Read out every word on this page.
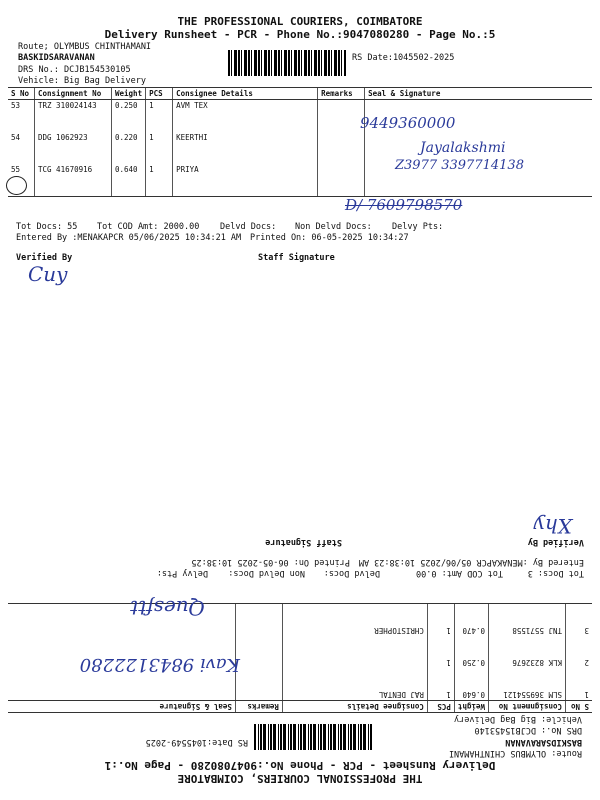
THE PROFESSIONAL COURIERS, COIMBATORE
Delivery Runsheet - PCR - Phone No.:9047080280 - Page No.:5
Route; OLYMBUS CHINTHAMANI
BASKIDSARAVANAN
DRS No.: DCJB154530105
Vehicle: Big Bag Delivery
RS Date:1045502-2025
S No	Consignment No	Weight	PCS	Consignee Details	Remarks	Seal & Signature
53	TRZ 310024143	0.250	1	AVM TEX		
54	DDG 1062923	0.220	1	KEERTHI		
55	TCG 41670916	0.640	1	PRIYA		
9449360000
Jayalakshmi
Z3977 3397714138
D/ 7609798570
Tot Docs: 55 Tot COD Amt: 2000.00 Delvd Docs: Non Delvd Docs: Delvy Pts:
Entered By :MENAKAPCR 05/06/2025 10:34:21 AM Printed On: 06-05-2025 10:34:27
Verified By	Staff Signature
Cuy
THE PROFESSIONAL COURIERS, COIMBATORE
Delivery Runsheet - PCR - Phone No.:9047080280 - Page No.:1
Route: OLYMBUS CHINTHAMANI
BASKIDSARAVANAN
DRS No.: DCJB15453140
Vehicle: Big Bag Delivery
RS Date:1045549-2025
S No	Consignment No	Weight	PCS	Consignee Details	Remarks	Seal & Signature
1	SLM 369554121	0.640	1	RAJ DENTAL		
2	KLK 8232676	0.250	1			
3	TNJ 5571558	0.470	1	CHRISTOPHER		
Kavi 9843122280
Quesftt
Tot Docs: 3
Tot COD Amt: 0.00
Delvd Docs:
Non Delvd Docs:
Delvy Pts:
Entered By :MENAKAPCR 05/06/2025 10:38:23 AM
Printed On: 06-05-2025 10:38:25
Verified By
Staff Signature
Xhy
